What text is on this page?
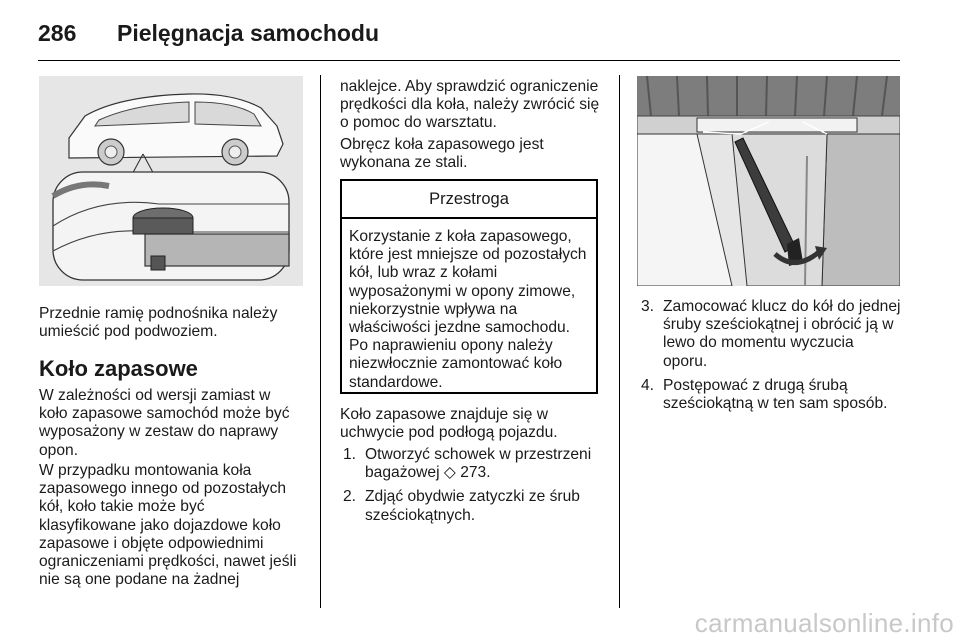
286 Pielęgnacja samochodu

Przednie ramię podnośnika należy

umieścić pod podwoziem.

Koło zapasowe

W zależności od wersji zamiast w

koło zapasowe samochód może być

wyposażony w zestaw do naprawy

opon.

W przypadku montowania koła

zapasowego innego od pozostałych

kół, koło takie może być

klasyfikowane jako dojazdowe koło

zapasowe i objęte odpowiednimi

ograniczeniami prędkości, nawet jeśli

nie są one podane na żadnej

naklejce. Aby sprawdzić ograniczenie

prędkości dla koła, należy zwrócić się

o pomoc do warsztatu.

Obręcz koła zapasowego jest

wykonana ze stali.

Przestroga

Korzystanie z koła zapasowego,

które jest mniejsze od pozostałych

kół, lub wraz z kołami

wyposażonymi w opony zimowe,

niekorzystnie wpływa na

właściwości jezdne samochodu.

Po naprawieniu opony należy

niezwłocznie zamontować koło

standardowe.

Koło zapasowe znajduje się w

uchwycie pod podłogą pojazdu.

1. Otworzyć schowek w przestrzeni
bagażowej ◇ 273.
2. Zdjąć obydwie zatyczki ze śrub
sześciokątnych.
3. Zamocować klucz do kół do jednej
śruby sześciokątnej i obrócić ją w
lewo do momentu wyczucia
oporu.
4. Postępować z drugą śrubą
sześciokątną w ten sam sposób.
carmanualsonline.info
